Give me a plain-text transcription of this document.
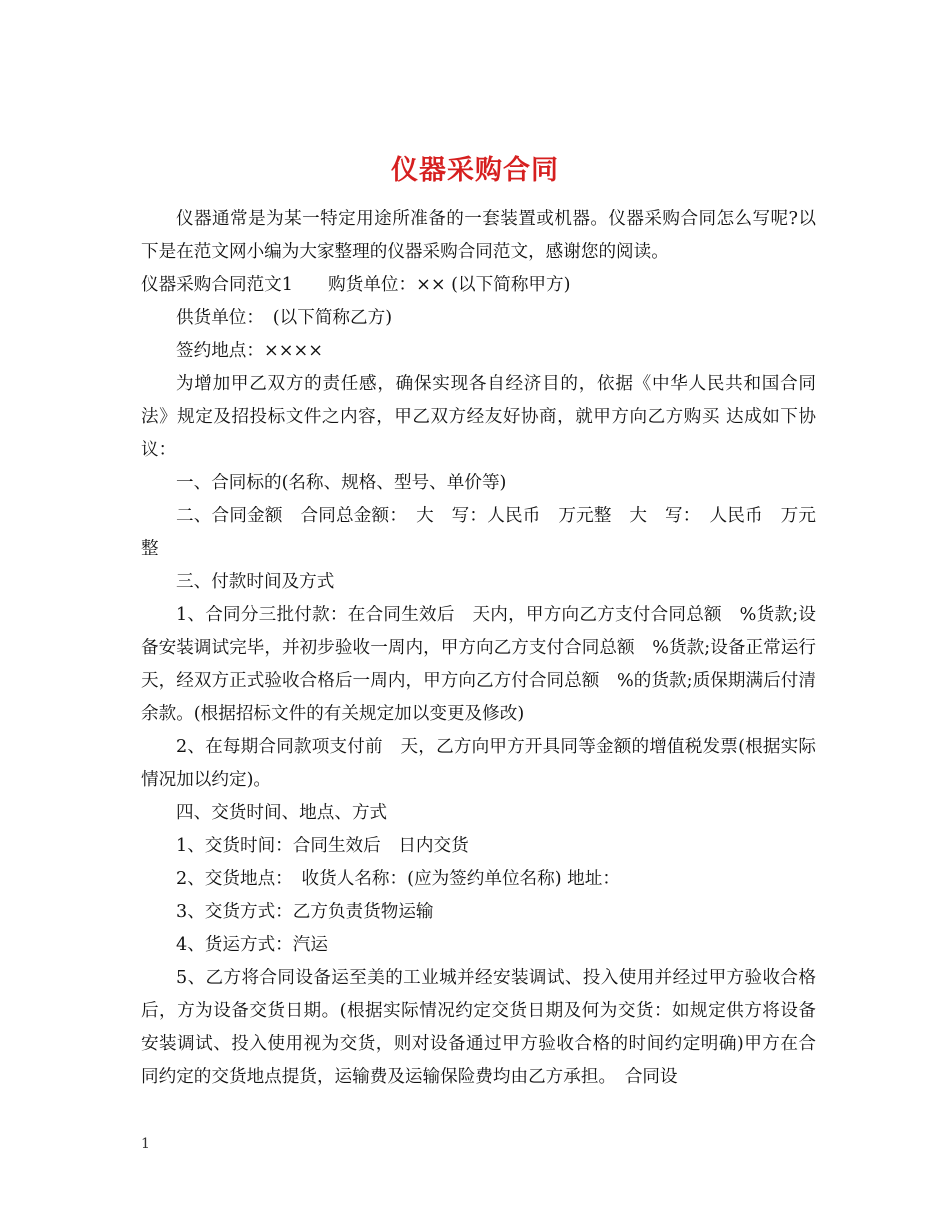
仪器采购合同

仪器通常是为某一特定用途所准备的一套装置或机器。仪器采购合同怎么写呢?以下是在范文网小编为大家整理的仪器采购合同范文，感谢您的阅读。

仪器采购合同范文1　　购货单位：×× (以下简称甲方)

供货单位：　(以下简称乙方)

签约地点：××××

为增加甲乙双方的责任感，确保实现各自经济目的，依据《中华人民共和国合同法》规定及招投标文件之内容，甲乙双方经友好协商，就甲方向乙方购买 达成如下协议：

一、合同标的(名称、规格、型号、单价等)

二、合同金额　合同总金额：　大　写：人民币　万元整　大　写：　人民币　万元整

三、付款时间及方式

1、合同分三批付款：在合同生效后　天内，甲方向乙方支付合同总额　%货款;设备安装调试完毕，并初步验收一周内，甲方向乙方支付合同总额　%货款;设备正常运行　天，经双方正式验收合格后一周内，甲方向乙方付合同总额　%的货款;质保期满后付清余款。(根据招标文件的有关规定加以变更及修改)

2、在每期合同款项支付前　天，乙方向甲方开具同等金额的增值税发票(根据实际情况加以约定)。

四、交货时间、地点、方式

1、交货时间：合同生效后　日内交货

2、交货地点：　收货人名称：(应为签约单位名称) 地址：

3、交货方式：乙方负责货物运输

4、货运方式：汽运

5、乙方将合同设备运至美的工业城并经安装调试、投入使用并经过甲方验收合格后，方为设备交货日期。(根据实际情况约定交货日期及何为交货：如规定供方将设备安装调试、投入使用视为交货，则对设备通过甲方验收合格的时间约定明确)甲方在合同约定的交货地点提货，运输费及运输保险费均由乙方承担。　合同设

1
